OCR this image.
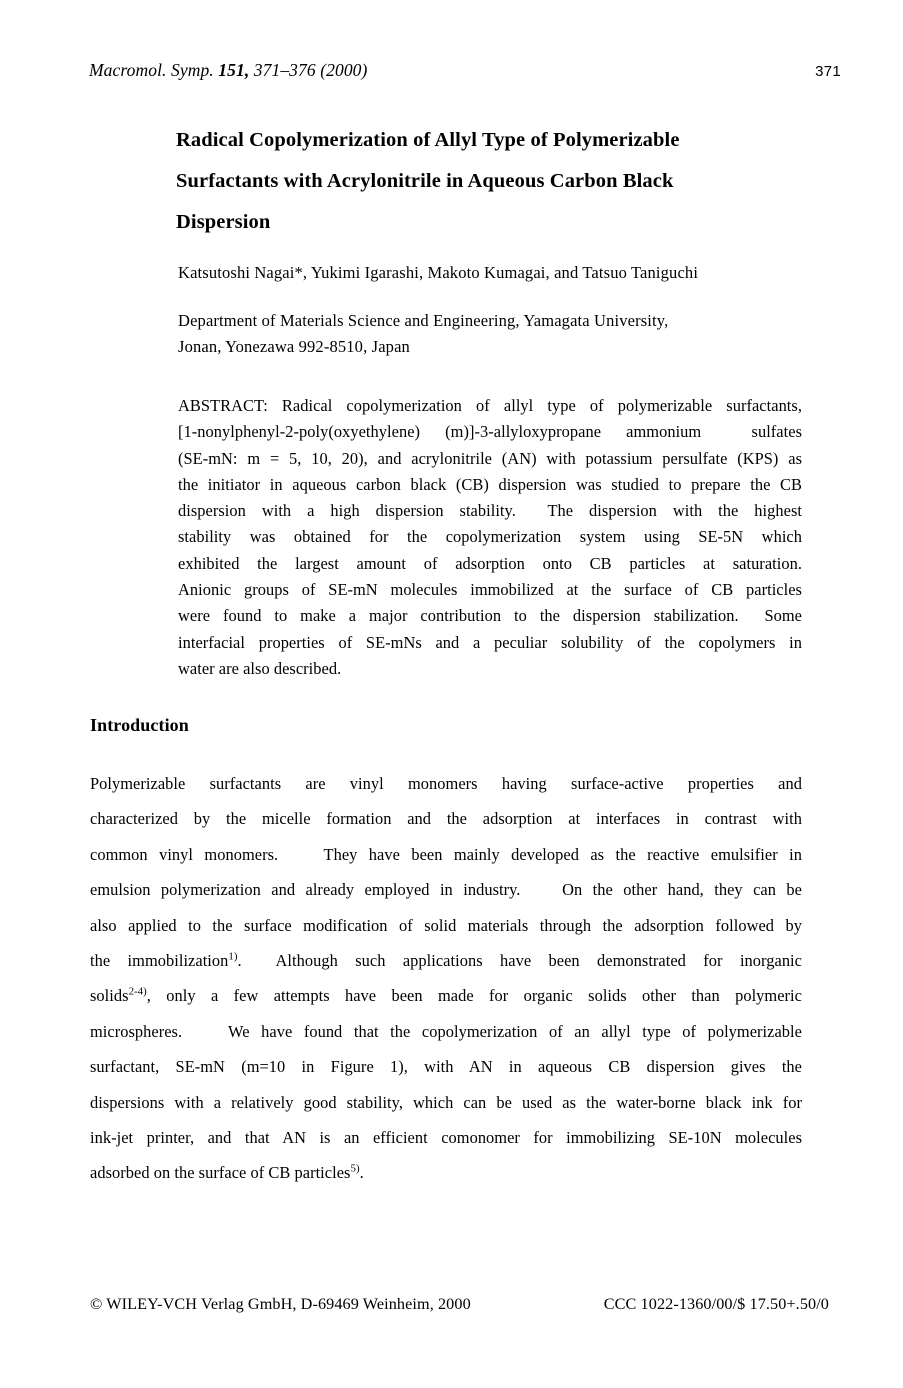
Macromol. Symp. 151, 371–376 (2000)	371
Radical Copolymerization of Allyl Type of Polymerizable
Surfactants with Acrylonitrile in Aqueous Carbon Black
Dispersion
Katsutoshi Nagai*, Yukimi Igarashi, Makoto Kumagai, and Tatsuo Taniguchi
Department of Materials Science and Engineering, Yamagata University,
Jonan, Yonezawa 992-8510, Japan
ABSTRACT: Radical copolymerization of allyl type of polymerizable surfactants,
[1-nonylphenyl-2-poly(oxyethylene) (m)]-3-allyloxypropane ammonium  sulfates
(SE-mN: m = 5, 10, 20), and acrylonitrile (AN) with potassium persulfate (KPS) as
the initiator in aqueous carbon black (CB) dispersion was studied to prepare the CB
dispersion  with  a  high  dispersion  stability.    The  dispersion  with  the  highest
stability  was  obtained  for  the  copolymerization  system  using  SE-5N  which
exhibited  the  largest  amount  of  adsorption  onto  CB  particles  at  saturation.
Anionic groups of SE-mN molecules immobilized at the surface of CB particles
were  found  to  make  a  major  contribution  to  the  dispersion  stabilization.    Some
interfacial  properties  of  SE-mNs  and  a  peculiar  solubility  of  the  copolymers  in
water are also described.
Introduction
Polymerizable  surfactants  are  vinyl  monomers  having  surface-active  properties  and
characterized  by  the  micelle  formation  and  the  adsorption  at  interfaces  in  contrast  with
common vinyl monomers.    They have been mainly developed as the reactive emulsifier in
emulsion polymerization and already employed in industry.    On the other hand, they can be
also applied to the surface modification of solid materials through the adsorption followed by
the  immobilization$^{1)}$.    Although  such  applications  have  been  demonstrated  for  inorganic
solids$^{2-4)}$,  only  a  few  attempts  have  been  made  for  organic  solids  other  than  polymeric
microspheres.    We have found that the copolymerization of an allyl type of polymerizable
surfactant,  SE-mN  (m=10  in  Figure  1),  with  AN  in  aqueous  CB  dispersion  gives  the
dispersions with a relatively good stability, which can be used as the water-borne black ink for
ink-jet  printer,  and  that  AN  is  an  efficient  comonomer  for  immobilizing  SE-10N  molecules
adsorbed on the surface of CB particles$^{5)}$.
© WILEY-VCH Verlag GmbH, D-69469 Weinheim, 2000	CCC 1022-1360/00/$ 17.50+.50/0
